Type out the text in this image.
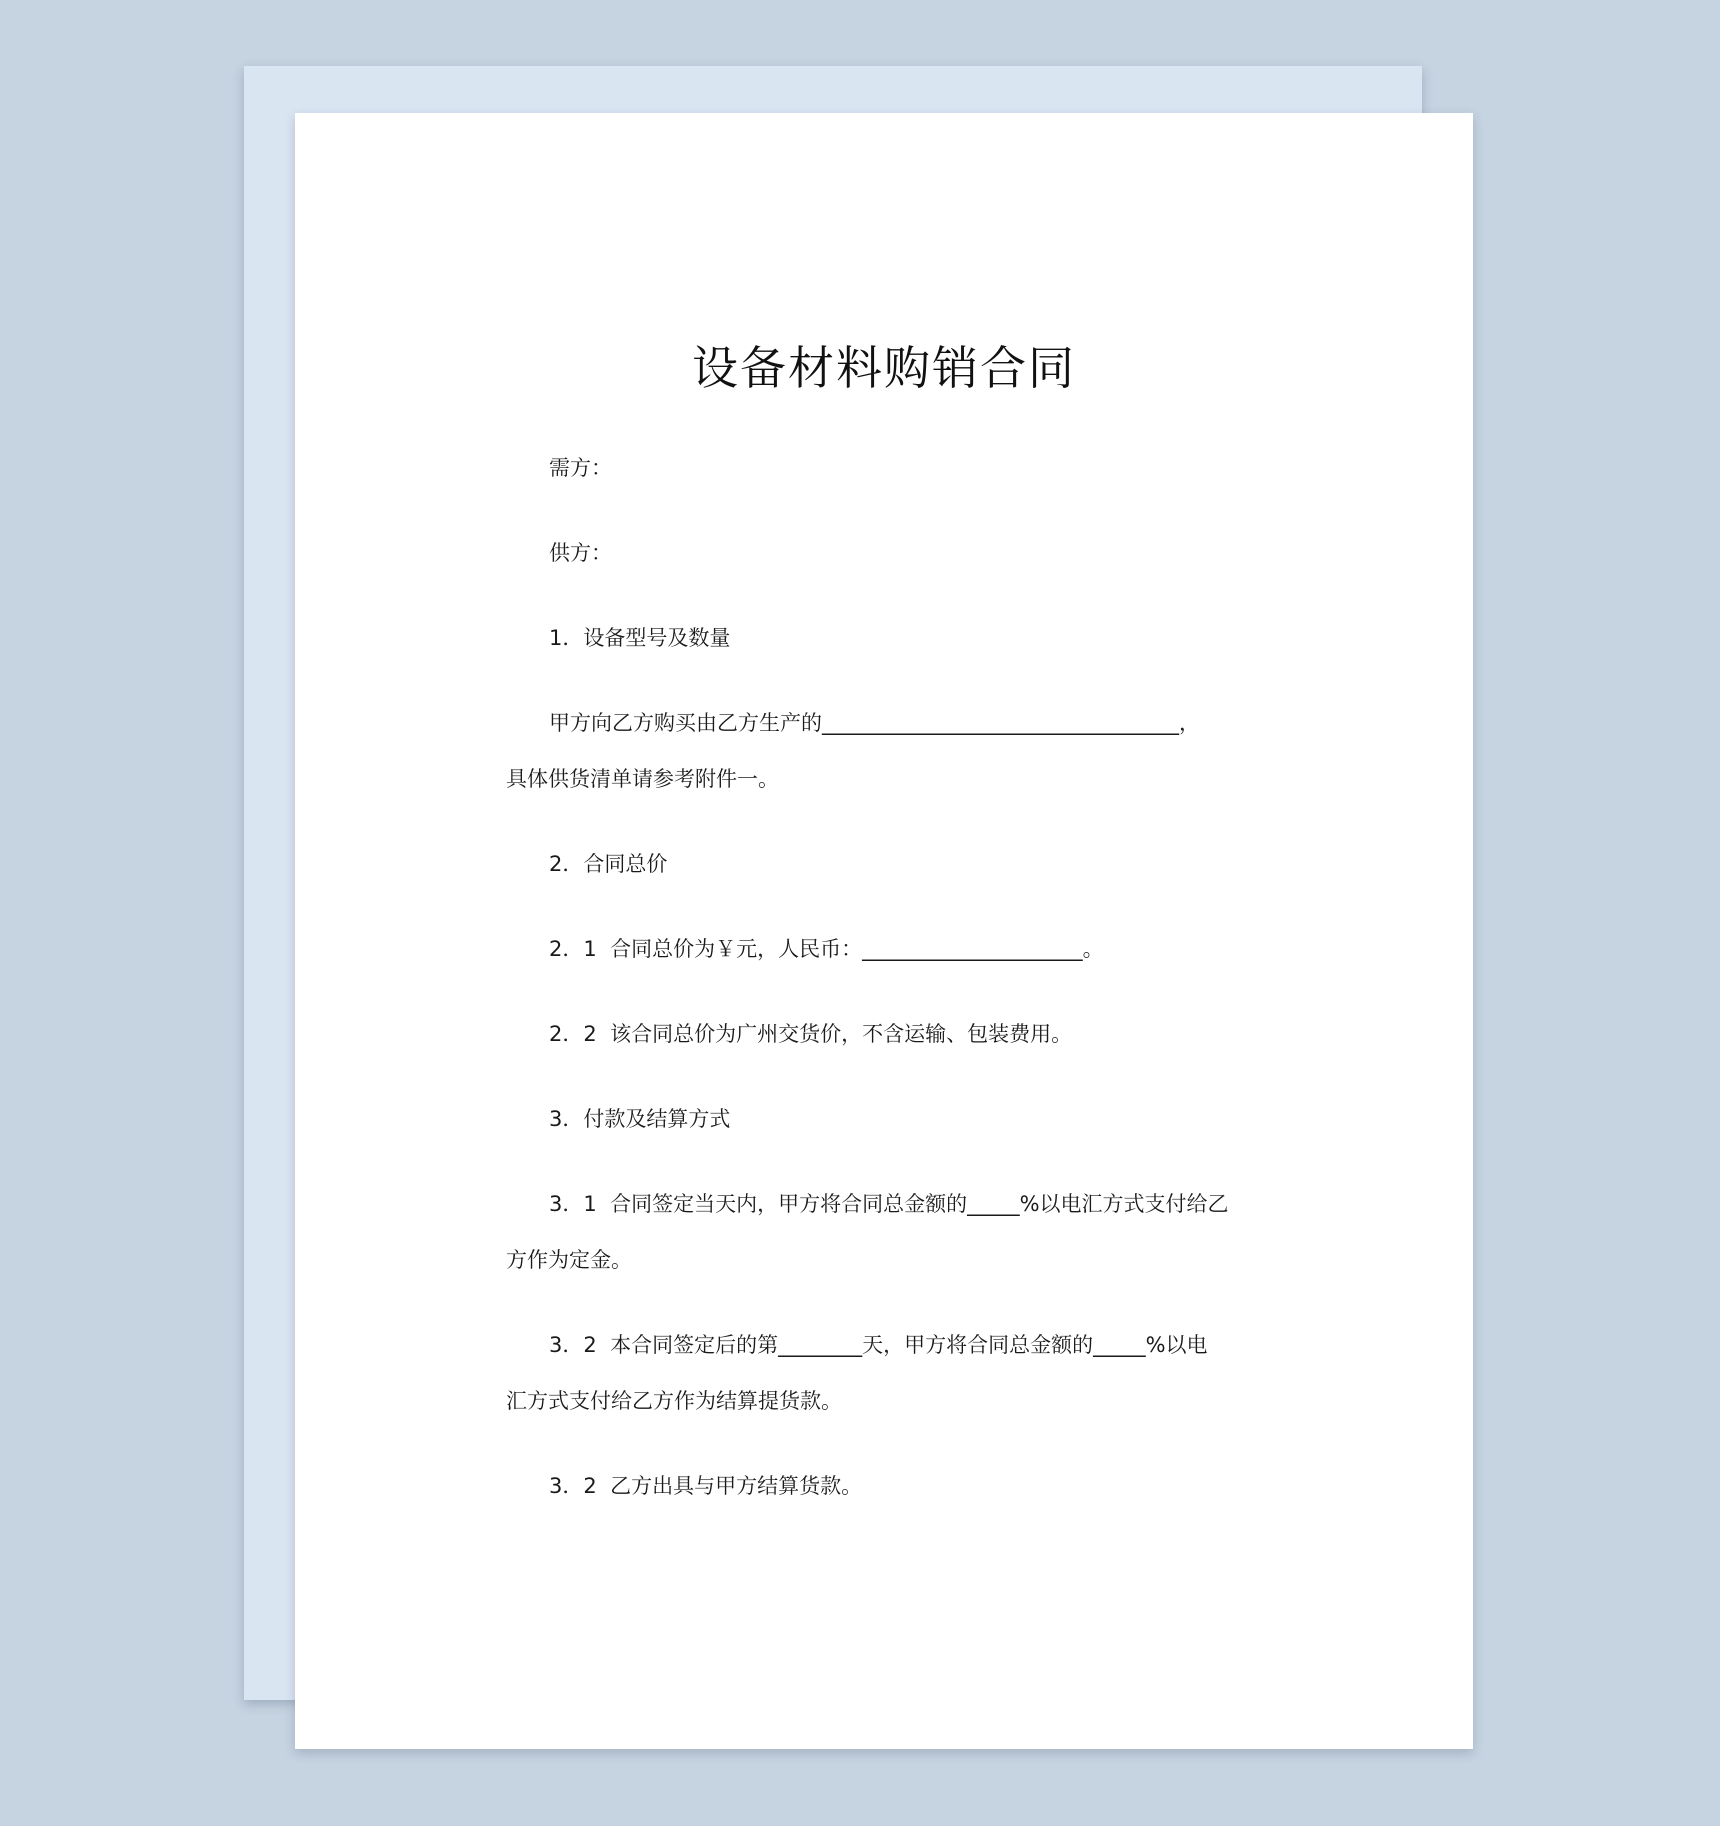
设备材料购销合同
需方：
供方：
1．设备型号及数量
甲方向乙方购买由乙方生产的__________________________________，
具体供货清单请参考附件一。
2．合同总价
2．1  合同总价为￥元，人民币：_____________________。
2．2  该合同总价为广州交货价，不含运输、包装费用。
3．付款及结算方式
3．1  合同签定当天内，甲方将合同总金额的_____%以电汇方式支付给乙
方作为定金。
3．2  本合同签定后的第________天，甲方将合同总金额的_____%以电
汇方式支付给乙方作为结算提货款。
3．2  乙方出具与甲方结算货款。
